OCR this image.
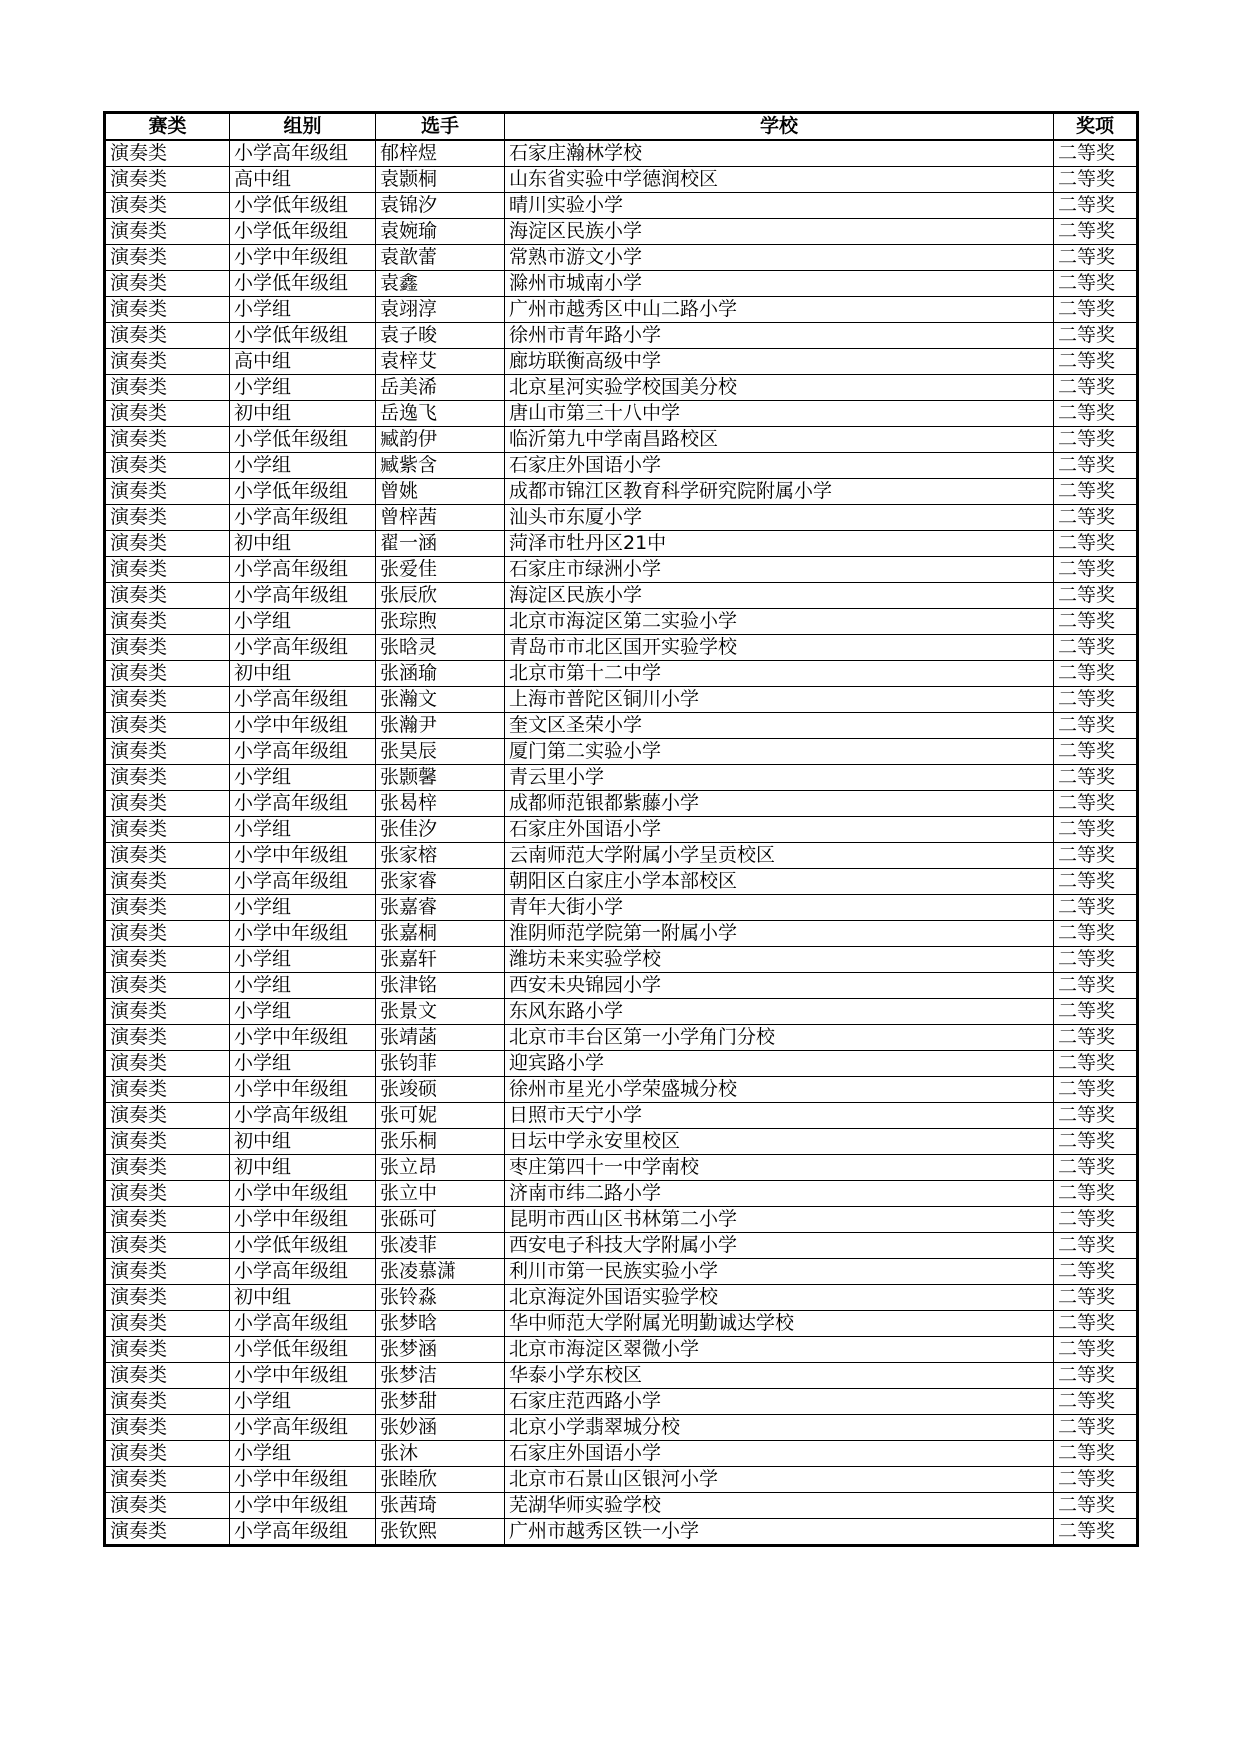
赛类	组别	选手	学校	奖项
演奏类	小学高年级组	郁梓煜	石家庄瀚林学校	二等奖
演奏类	高中组	袁颢桐	山东省实验中学德润校区	二等奖
演奏类	小学低年级组	袁锦汐	晴川实验小学	二等奖
演奏类	小学低年级组	袁婉瑜	海淀区民族小学	二等奖
演奏类	小学中年级组	袁歆蕾	常熟市游文小学	二等奖
演奏类	小学低年级组	袁鑫	滁州市城南小学	二等奖
演奏类	小学组	袁翊淳	广州市越秀区中山二路小学	二等奖
演奏类	小学低年级组	袁子晙	徐州市青年路小学	二等奖
演奏类	高中组	袁梓艾	廊坊联衡高级中学	二等奖
演奏类	小学组	岳美浠	北京星河实验学校国美分校	二等奖
演奏类	初中组	岳逸飞	唐山市第三十八中学	二等奖
演奏类	小学低年级组	臧韵伊	临沂第九中学南昌路校区	二等奖
演奏类	小学组	臧紫含	石家庄外国语小学	二等奖
演奏类	小学低年级组	曾姚	成都市锦江区教育科学研究院附属小学	二等奖
演奏类	小学高年级组	曾梓茜	汕头市东厦小学	二等奖
演奏类	初中组	翟一涵	菏泽市牡丹区21中	二等奖
演奏类	小学高年级组	张爱佳	石家庄市绿洲小学	二等奖
演奏类	小学高年级组	张辰欣	海淀区民族小学	二等奖
演奏类	小学组	张琮煦	北京市海淀区第二实验小学	二等奖
演奏类	小学高年级组	张晗灵	青岛市市北区国开实验学校	二等奖
演奏类	初中组	张涵瑜	北京市第十二中学	二等奖
演奏类	小学高年级组	张瀚文	上海市普陀区铜川小学	二等奖
演奏类	小学中年级组	张瀚尹	奎文区圣荣小学	二等奖
演奏类	小学高年级组	张昊辰	厦门第二实验小学	二等奖
演奏类	小学组	张颢馨	青云里小学	二等奖
演奏类	小学高年级组	张曷梓	成都师范银都紫藤小学	二等奖
演奏类	小学组	张佳汐	石家庄外国语小学	二等奖
演奏类	小学中年级组	张家榕	云南师范大学附属小学呈贡校区	二等奖
演奏类	小学高年级组	张家睿	朝阳区白家庄小学本部校区	二等奖
演奏类	小学组	张嘉睿	青年大街小学	二等奖
演奏类	小学中年级组	张嘉桐	淮阴师范学院第一附属小学	二等奖
演奏类	小学组	张嘉轩	潍坊未来实验学校	二等奖
演奏类	小学组	张津铭	西安未央锦园小学	二等奖
演奏类	小学组	张景文	东风东路小学	二等奖
演奏类	小学中年级组	张靖菡	北京市丰台区第一小学角门分校	二等奖
演奏类	小学组	张钧菲	迎宾路小学	二等奖
演奏类	小学中年级组	张竣硕	徐州市星光小学荣盛城分校	二等奖
演奏类	小学高年级组	张可妮	日照市天宁小学	二等奖
演奏类	初中组	张乐桐	日坛中学永安里校区	二等奖
演奏类	初中组	张立昂	枣庄第四十一中学南校	二等奖
演奏类	小学中年级组	张立中	济南市纬二路小学	二等奖
演奏类	小学中年级组	张砾可	昆明市西山区书林第二小学	二等奖
演奏类	小学低年级组	张凌菲	西安电子科技大学附属小学	二等奖
演奏类	小学高年级组	张凌慕潇	利川市第一民族实验小学	二等奖
演奏类	初中组	张铃淼	北京海淀外国语实验学校	二等奖
演奏类	小学高年级组	张梦晗	华中师范大学附属光明勤诚达学校	二等奖
演奏类	小学低年级组	张梦涵	北京市海淀区翠微小学	二等奖
演奏类	小学中年级组	张梦洁	华泰小学东校区	二等奖
演奏类	小学组	张梦甜	石家庄范西路小学	二等奖
演奏类	小学高年级组	张妙涵	北京小学翡翠城分校	二等奖
演奏类	小学组	张沐	石家庄外国语小学	二等奖
演奏类	小学中年级组	张睦欣	北京市石景山区银河小学	二等奖
演奏类	小学中年级组	张茜琦	芜湖华师实验学校	二等奖
演奏类	小学高年级组	张钦熙	广州市越秀区铁一小学	二等奖
